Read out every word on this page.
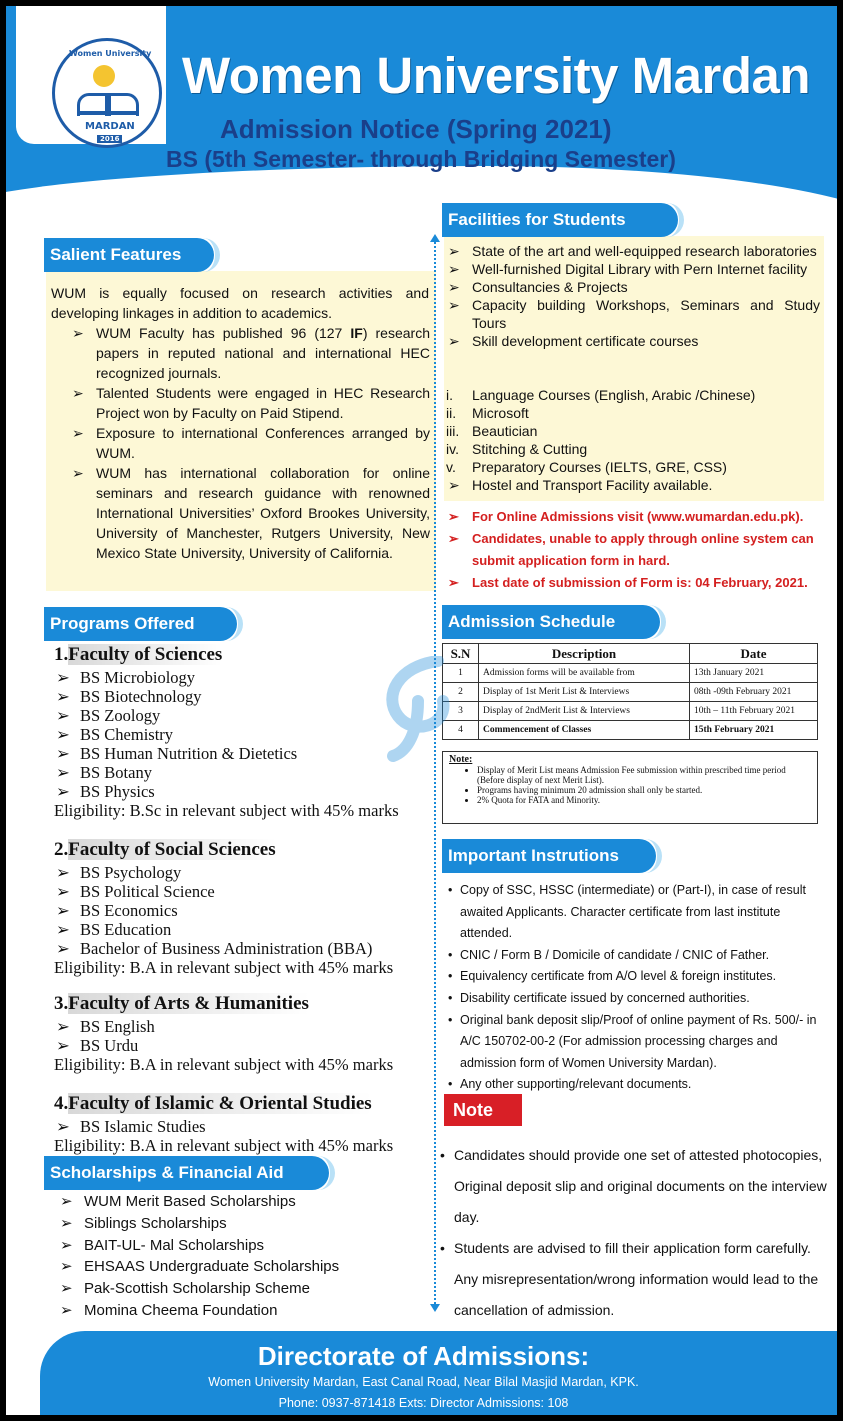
Women University
MARDAN
2016
Women University Mardan
Admission Notice (Spring 2021)
BS (5th Semester- through Bridging Semester)
Salient Features
WUM is equally focused on research activities and developing linkages in addition to academics.
➢ WUM Faculty has published 96 (127 IF) research papers in reputed national and international HEC recognized journals.
➢ Talented Students were engaged in HEC Research Project won by Faculty on Paid Stipend.
➢ Exposure to international Conferences arranged by WUM.
➢ WUM has international collaboration for online seminars and research guidance with renowned International Universities’ Oxford Brookes University, University of Manchester, Rutgers University, New Mexico State University, University of California.
Programs Offered
1.Faculty of Sciences
➢ BS Microbiology
➢ BS Biotechnology
➢ BS Zoology
➢ BS Chemistry
➢ BS Human Nutrition & Dietetics
➢ BS Botany
➢ BS Physics
Eligibility: B.Sc in relevant subject with 45% marks
2.Faculty of Social Sciences
➢ BS Psychology
➢ BS Political Science
➢ BS Economics
➢ BS Education
➢ Bachelor of Business Administration (BBA)
Eligibility: B.A in relevant subject with 45% marks
3.Faculty of Arts & Humanities
➢ BS English
➢ BS Urdu
Eligibility: B.A in relevant subject with 45% marks
4.Faculty of Islamic & Oriental Studies
➢ BS Islamic Studies
Eligibility: B.A in relevant subject with 45% marks
Scholarships & Financial Aid
➢ WUM Merit Based Scholarships
➢ Siblings Scholarships
➢ BAIT-UL- Mal Scholarships
➢ EHSAAS Undergraduate Scholarships
➢ Pak-Scottish Scholarship Scheme
➢ Momina Cheema Foundation
Facilities for Students
➢ State of the art and well-equipped research laboratories
➢ Well-furnished Digital Library with Pern Internet facility
➢ Consultancies & Projects
➢ Capacity building Workshops, Seminars and Study Tours
➢ Skill development certificate courses
i. Language Courses (English, Arabic /Chinese)
ii. Microsoft
iii. Beautician
iv. Stitching & Cutting
v. Preparatory Courses (IELTS, GRE, CSS)
➢ Hostel and Transport Facility available.
➢ For Online Admissions visit (www.wumardan.edu.pk).
➢ Candidates, unable to apply through online system can submit application form in hard.
➢ Last date of submission of Form is: 04 February, 2021.
Admission Schedule
S.N	Description	Date
1	Admission forms will be available from	13th January 2021
2	Display of 1st Merit List & Interviews	08th -09th February 2021
3	Display of 2ndMerit List & Interviews	10th – 11th February 2021
4	Commencement of Classes	15th February 2021
Note:
• Display of Merit List means Admission Fee submission within prescribed time period (Before display of next Merit List).
• Programs having minimum 20 admission shall only be started.
• 2% Quota for FATA and Minority.
Important Instrutions
• Copy of SSC, HSSC (intermediate) or (Part-I), in case of result awaited Applicants. Character certificate from last institute attended.
• CNIC / Form B / Domicile of candidate / CNIC of Father.
• Equivalency certificate from A/O level & foreign institutes.
• Disability certificate issued by concerned authorities.
• Original bank deposit slip/Proof of online payment of Rs. 500/- in A/C 150702-00-2 (For admission processing charges and admission form of Women University Mardan).
• Any other supporting/relevant documents.
Note
• Candidates should provide one set of attested photocopies, Original deposit slip and original documents on the interview day.
• Students are advised to fill their application form carefully. Any misrepresentation/wrong information would lead to the cancellation of admission.
Directorate of Admissions:
Women University Mardan, East Canal Road, Near Bilal Masjid Mardan, KPK.
Phone: 0937-871418 Exts: Director Admissions: 108
